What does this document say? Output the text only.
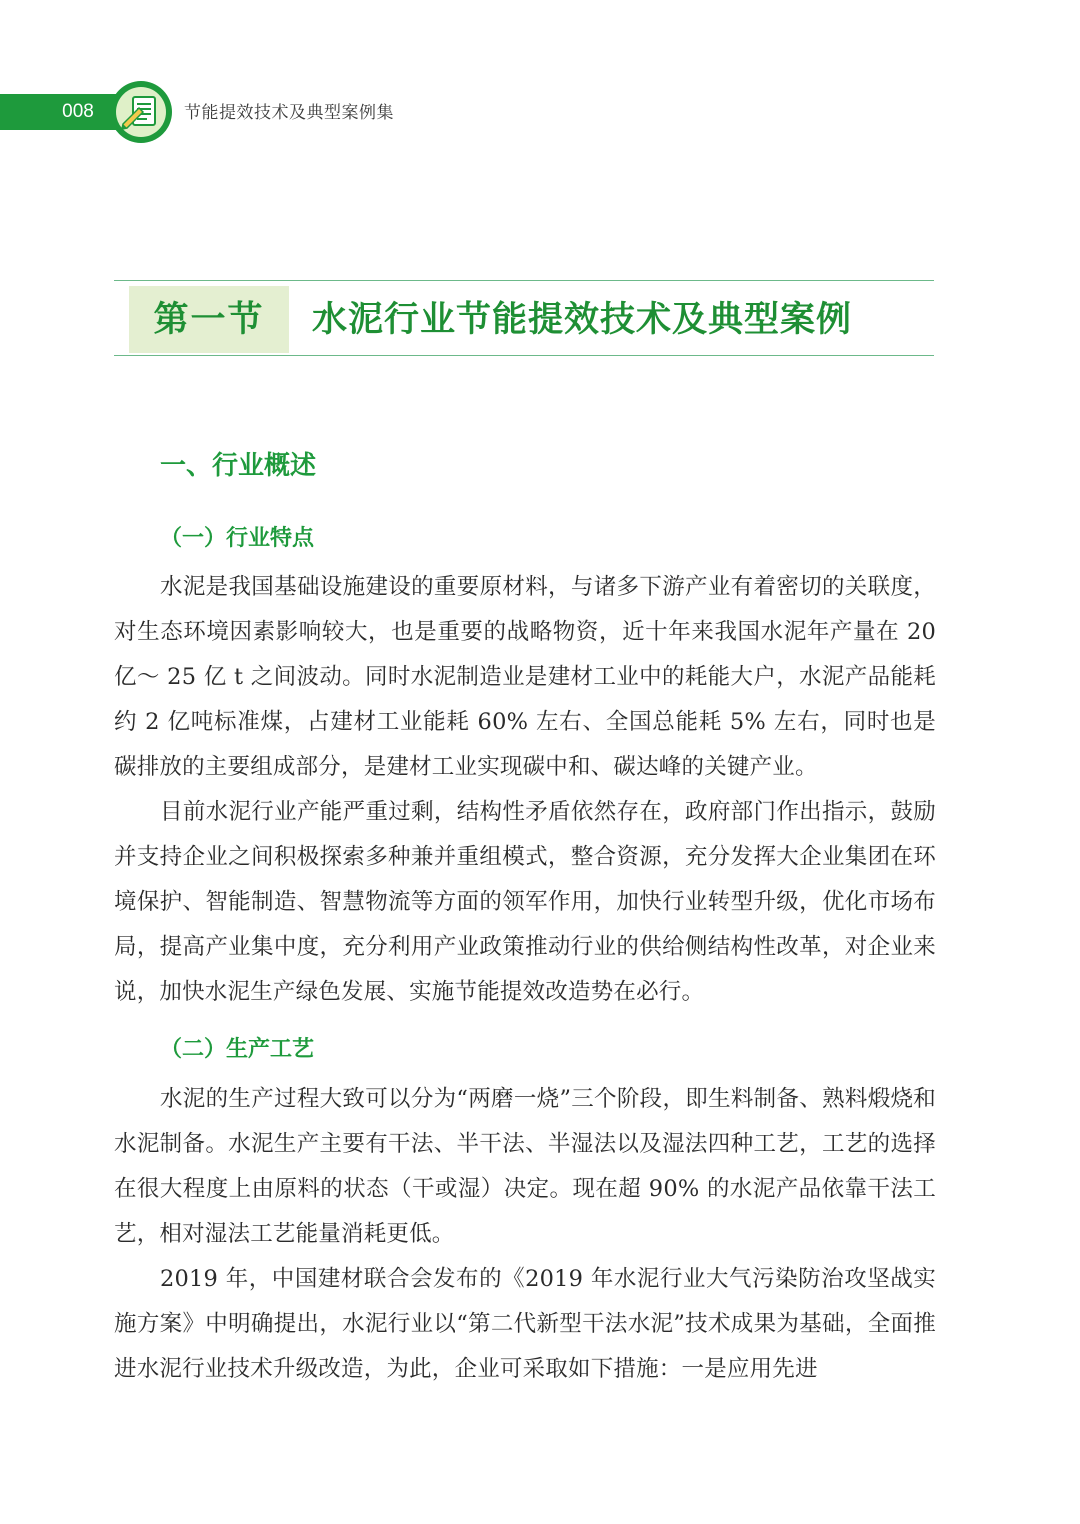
008	节能提效技术及典型案例集
第一节	水泥行业节能提效技术及典型案例
一、行业概述
（一）行业特点

水泥是我国基础设施建设的重要原材料，与诸多下游产业有着密切的关联度，对生态环境因素影响较大，也是重要的战略物资，近十年来我国水泥年产量在 20 亿～ 25 亿 t 之间波动。同时水泥制造业是建材工业中的耗能大户，水泥产品能耗约 2 亿吨标准煤，占建材工业能耗 60% 左右、全国总能耗 5% 左右，同时也是碳排放的主要组成部分，是建材工业实现碳中和、碳达峰的关键产业。

目前水泥行业产能严重过剩，结构性矛盾依然存在，政府部门作出指示，鼓励并支持企业之间积极探索多种兼并重组模式，整合资源，充分发挥大企业集团在环境保护、智能制造、智慧物流等方面的领军作用，加快行业转型升级，优化市场布局，提高产业集中度，充分利用产业政策推动行业的供给侧结构性改革，对企业来说，加快水泥生产绿色发展、实施节能提效改造势在必行。

（二）生产工艺

水泥的生产过程大致可以分为“两磨一烧”三个阶段，即生料制备、熟料煅烧和水泥制备。水泥生产主要有干法、半干法、半湿法以及湿法四种工艺，工艺的选择在很大程度上由原料的状态（干或湿）决定。现在超 90% 的水泥产品依靠干法工艺，相对湿法工艺能量消耗更低。

2019 年，中国建材联合会发布的《2019 年水泥行业大气污染防治攻坚战实施方案》中明确提出，水泥行业以“第二代新型干法水泥”技术成果为基础，全面推进水泥行业技术升级改造，为此，企业可采取如下措施：一是应用先进
